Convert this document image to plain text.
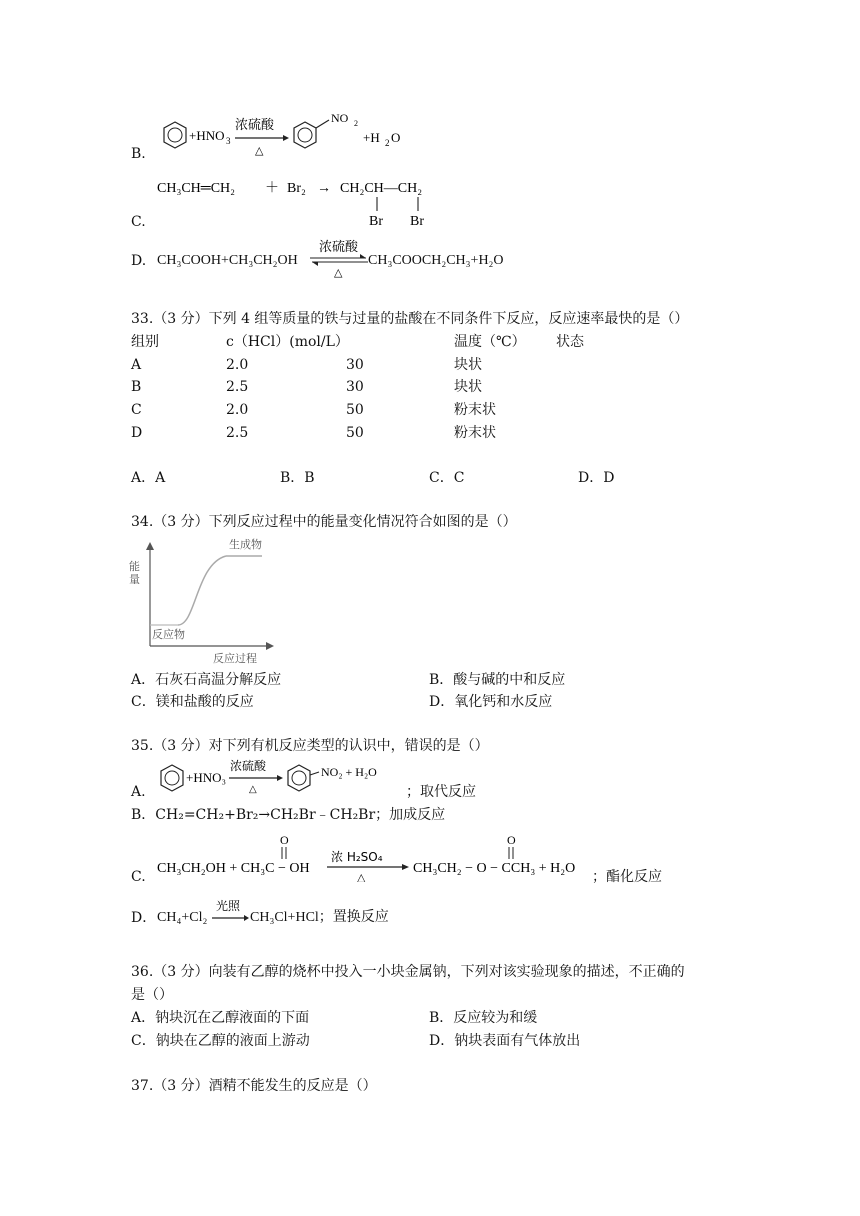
B.
+HNO 3
浓硫酸
△
NO 2
+H 2 O
C.
CH₃CH═CH₂ ＋ Br₂ → CH₂CH—CH₂
Br Br
D. CH₃COOH+CH₃CH₂OH
浓硫酸
△
CH₃COOCH₂CH₃+H₂O
33.（3 分）下列 4 组等质量的铁与过量的盐酸在不同条件下反应，反应速率最快的是（）
组别	c（HCl）(mol/L）	温度（℃） 状态
A	2.0	30	块状
B	2.5	30	块状
C	2.0	50	粉末状
D	2.5	50	粉末状
A．A	B．B	C．C	D．D
34.（3 分）下列反应过程中的能量变化情况符合如图的是（）
能
量
生成物
反应物
反应过程
A．石灰石高温分解反应	B．酸与碱的中和反应
C．镁和盐酸的反应	D．氧化钙和水反应
35.（3 分）对下列有机反应类型的认识中，错误的是（）
A.
+HNO₃
浓硫酸
△
NO₂ + H₂O
；取代反应
B．CH₂=CH₂+Br₂→CH₂Br﹣CH₂Br；加成反应
C.
CH₃CH₂OH + CH₃C − OH
O
浓 H₂SO₄
△
CH₃CH₂ − O − CCH₃ + H₂O
O
；酯化反应
D． CH₄+Cl₂
光照
CH₃Cl+HCl；置换反应
36.（3 分）向装有乙醇的烧杯中投入一小块金属钠，下列对该实验现象的描述，不正确的
是（）
A．钠块沉在乙醇液面的下面	B．反应较为和缓
C．钠块在乙醇的液面上游动	D．钠块表面有气体放出
37.（3 分）酒精不能发生的反应是（）
